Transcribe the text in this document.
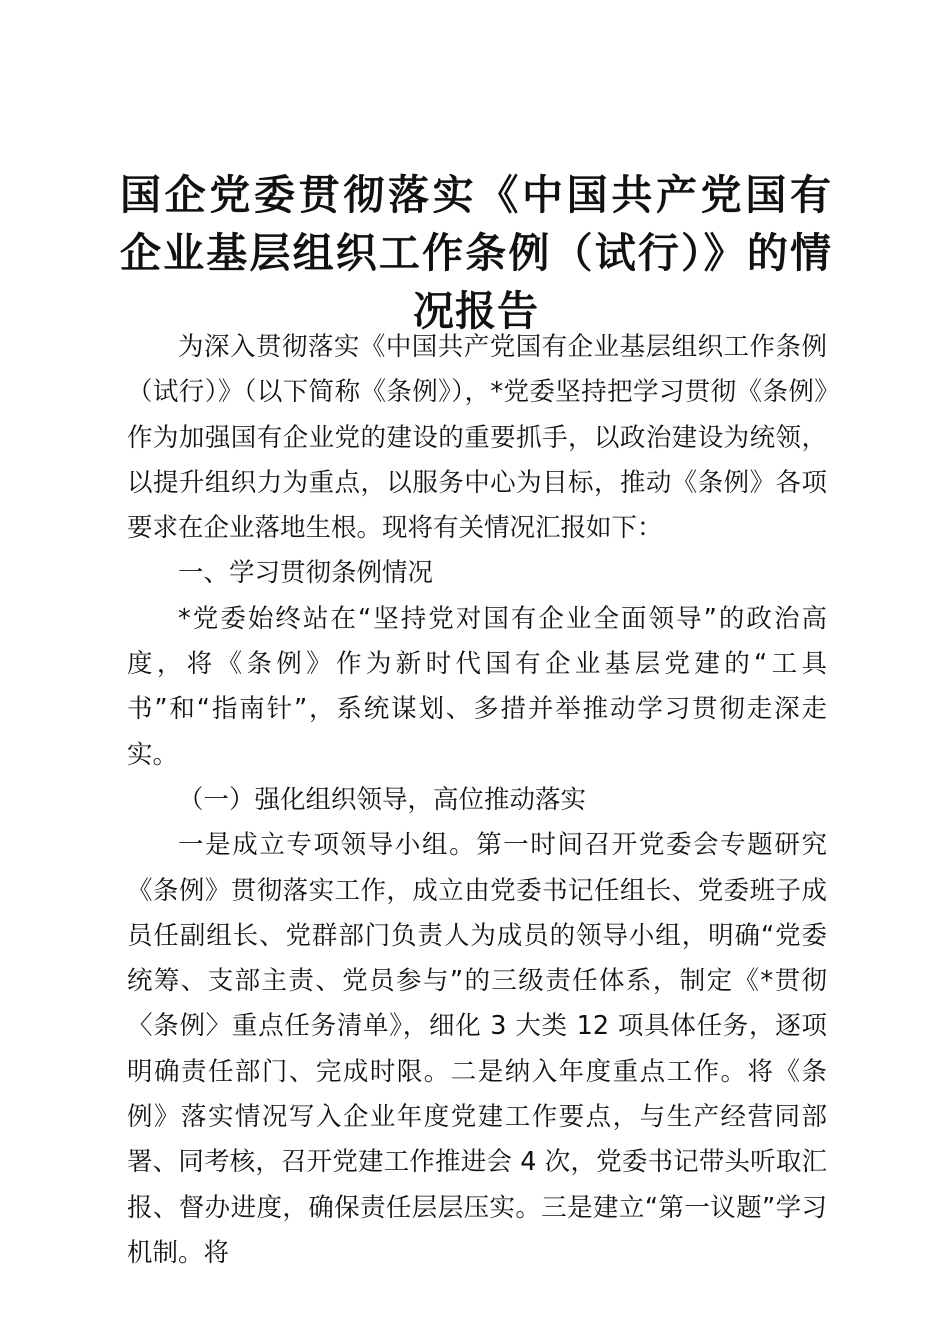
国企党委贯彻落实《中国共产党国有企业基层组织工作条例（试行）》的情况报告

为深入贯彻落实《中国共产党国有企业基层组织工作条例（试行）》（以下简称《条例》），*党委坚持把学习贯彻《条例》作为加强国有企业党的建设的重要抓手，以政治建设为统领，以提升组织力为重点，以服务中心为目标，推动《条例》各项要求在企业落地生根。现将有关情况汇报如下：

一、学习贯彻条例情况

*党委始终站在“坚持党对国有企业全面领导”的政治高度，将《条例》作为新时代国有企业基层党建的“工具书”和“指南针”，系统谋划、多措并举推动学习贯彻走深走实。

（一）强化组织领导，高位推动落实

一是成立专项领导小组。第一时间召开党委会专题研究《条例》贯彻落实工作，成立由党委书记任组长、党委班子成员任副组长、党群部门负责人为成员的领导小组，明确“党委统筹、支部主责、党员参与”的三级责任体系，制定《*贯彻〈条例〉重点任务清单》，细化 3 大类 12 项具体任务，逐项明确责任部门、完成时限。二是纳入年度重点工作。将《条例》落实情况写入企业年度党建工作要点，与生产经营同部署、同考核，召开党建工作推进会 4 次，党委书记带头听取汇报、督办进度，确保责任层层压实。三是建立“第一议题”学习机制。将
